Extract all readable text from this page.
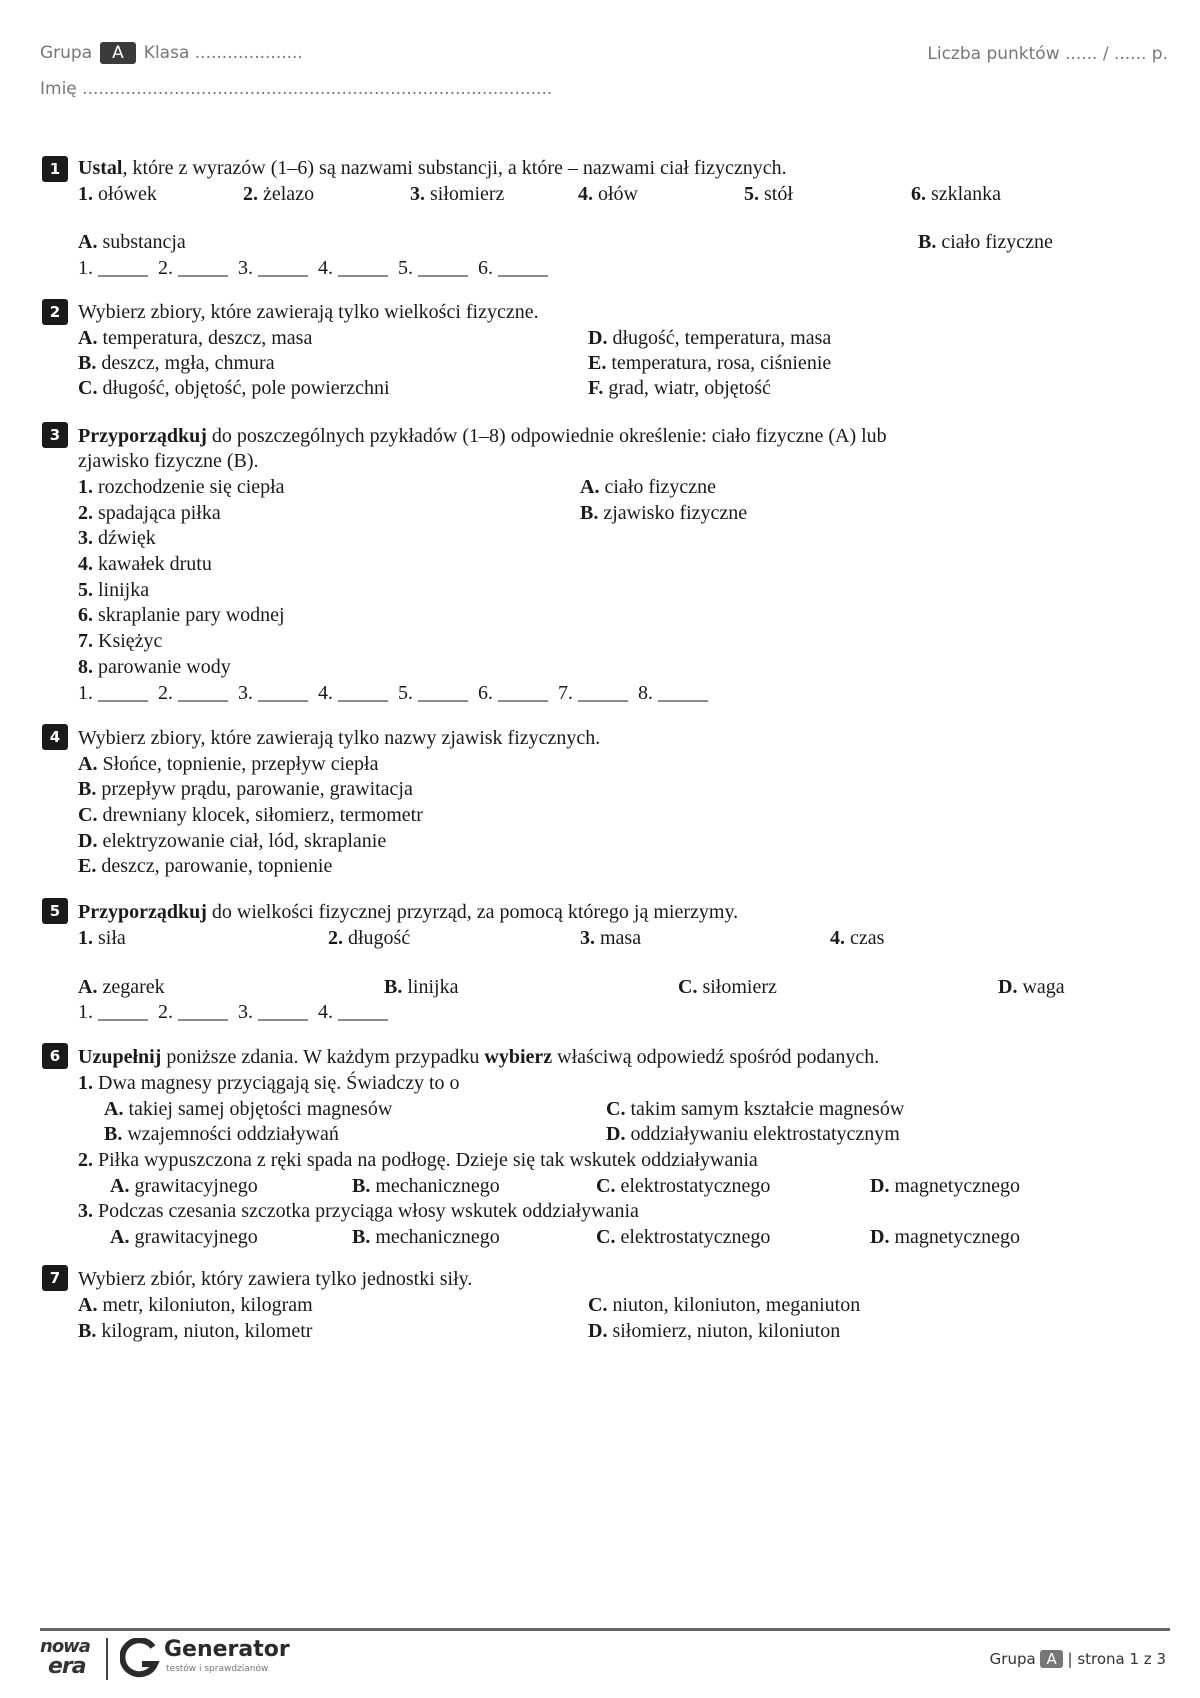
Grupa A Klasa ....................	Liczba punktów ...... / ...... p.
Imię .......................................................................................
1 Ustal, które z wyrazów (1–6) są nazwami substancji, a które – nazwami ciał fizycznych.
1. ołówek	2. żelazo	3. siłomierz	4. ołów	5. stół	6. szklanka
A. substancja	B. ciało fizyczne
1. _____  2. _____  3. _____  4. _____  5. _____  6. _____
2 Wybierz zbiory, które zawierają tylko wielkości fizyczne.
A. temperatura, deszcz, masa	D. długość, temperatura, masa
B. deszcz, mgła, chmura	E. temperatura, rosa, ciśnienie
C. długość, objętość, pole powierzchni	F. grad, wiatr, objętość
3 Przyporządkuj do poszczególnych pzykładów (1–8) odpowiednie określenie: ciało fizyczne (A) lub
zjawisko fizyczne (B).
1. rozchodzenie się ciepła
2. spadająca piłka
3. dźwięk
4. kawałek drutu
5. linijka
6. skraplanie pary wodnej
7. Księżyc
8. parowanie wody
A. ciało fizyczne
B. zjawisko fizyczne
1. _____  2. _____  3. _____  4. _____  5. _____  6. _____  7. _____  8. _____
4 Wybierz zbiory, które zawierają tylko nazwy zjawisk fizycznych.
A. Słońce, topnienie, przepływ ciepła
B. przepływ prądu, parowanie, grawitacja
C. drewniany klocek, siłomierz, termometr
D. elektryzowanie ciał, lód, skraplanie
E. deszcz, parowanie, topnienie
5 Przyporządkuj do wielkości fizycznej przyrząd, za pomocą którego ją mierzymy.
1. siła	2. długość	3. masa	4. czas
A. zegarek	B. linijka	C. siłomierz	D. waga
1. _____  2. _____  3. _____  4. _____
6 Uzupełnij poniższe zdania. W każdym przypadku wybierz właściwą odpowiedź spośród podanych.
1. Dwa magnesy przyciągają się. Świadczy to o
A. takiej samej objętości magnesów	C. takim samym kształcie magnesów
B. wzajemności oddziaływań	D. oddziaływaniu elektrostatycznym
2. Piłka wypuszczona z ręki spada na podłogę. Dzieje się tak wskutek oddziaływania
A. grawitacyjnego	B. mechanicznego	C. elektrostatycznego	D. magnetycznego
3. Podczas czesania szczotka przyciąga włosy wskutek oddziaływania
A. grawitacyjnego	B. mechanicznego	C. elektrostatycznego	D. magnetycznego
7 Wybierz zbiór, który zawiera tylko jednostki siły.
A. metr, kiloniuton, kilogram	C. niuton, kiloniuton, meganiuton
B. kilogram, niuton, kilometr	D. siłomierz, niuton, kiloniuton
nowa
era
Generator
testów i sprawdzianów
Grupa A | strona 1 z 3
